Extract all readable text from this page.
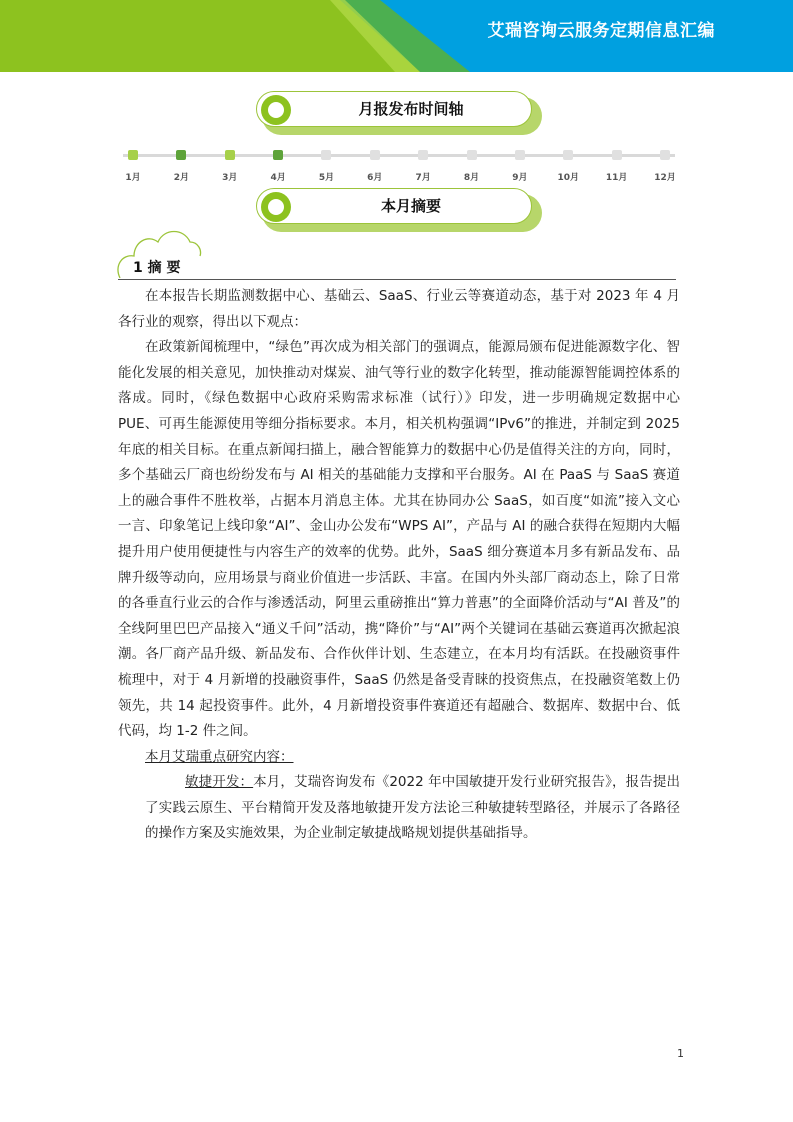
艾瑞咨询云服务定期信息汇编
月报发布时间轴
1月	2月	3月	4月	5月	6月	7月	8月	9月	10月	11月	12月
本月摘要
1 摘 要

在本报告长期监测数据中心、基础云、SaaS、行业云等赛道动态，基于对 2023 年 4 月各行业的观察，得出以下观点：

在政策新闻梳理中，“绿色”再次成为相关部门的强调点，能源局颁布促进能源数字化、智能化发展的相关意见，加快推动对煤炭、油气等行业的数字化转型，推动能源智能调控体系的落成。同时，《绿色数据中心政府采购需求标准（试行）》印发，进一步明确规定数据中心 PUE、可再生能源使用等细分指标要求。本月，相关机构强调“IPv6”的推进，并制定到 2025 年底的相关目标。在重点新闻扫描上，融合智能算力的数据中心仍是值得关注的方向，同时，多个基础云厂商也纷纷发布与 AI 相关的基础能力支撑和平台服务。AI 在 PaaS 与 SaaS 赛道上的融合事件不胜枚举，占据本月消息主体。尤其在协同办公 SaaS，如百度“如流”接入文心一言、印象笔记上线印象“AI”、金山办公发布“WPS AI”，产品与 AI 的融合获得在短期内大幅提升用户使用便捷性与内容生产的效率的优势。此外，SaaS 细分赛道本月多有新品发布、品牌升级等动向，应用场景与商业价值进一步活跃、丰富。在国内外头部厂商动态上，除了日常的各垂直行业云的合作与渗透活动，阿里云重磅推出“算力普惠”的全面降价活动与“AI 普及”的全线阿里巴巴产品接入“通义千问”活动，携“降价”与“AI”两个关键词在基础云赛道再次掀起浪潮。各厂商产品升级、新品发布、合作伙伴计划、生态建立，在本月均有活跃。在投融资事件梳理中，对于 4 月新增的投融资事件，SaaS 仍然是备受青睐的投资焦点，在投融资笔数上仍领先，共 14 起投资事件。此外，4 月新增投资事件赛道还有超融合、数据库、数据中台、低代码，均 1-2 件之间。

本月艾瑞重点研究内容：

敏捷开发：本月，艾瑞咨询发布《2022 年中国敏捷开发行业研究报告》，报告提出了实践云原生、平台精简开发及落地敏捷开发方法论三种敏捷转型路径，并展示了各路径的操作方案及实施效果，为企业制定敏捷战略规划提供基础指导。

1
